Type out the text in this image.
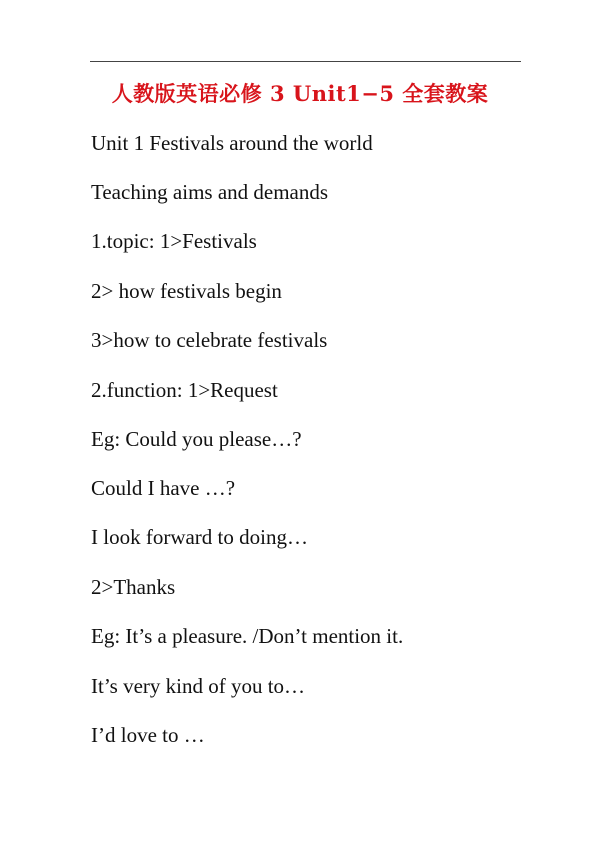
人教版英语必修 3 Unit1−5 全套教案
Unit 1 Festivals around the world
Teaching aims and demands
1.topic: 1>Festivals
2> how festivals begin
3>how to celebrate festivals
2.function: 1>Request
Eg: Could you please…?
Could I have …?
I look forward to doing…
2>Thanks
Eg: It’s a pleasure. /Don’t mention it.
It’s very kind of you to…
I’d love to …
